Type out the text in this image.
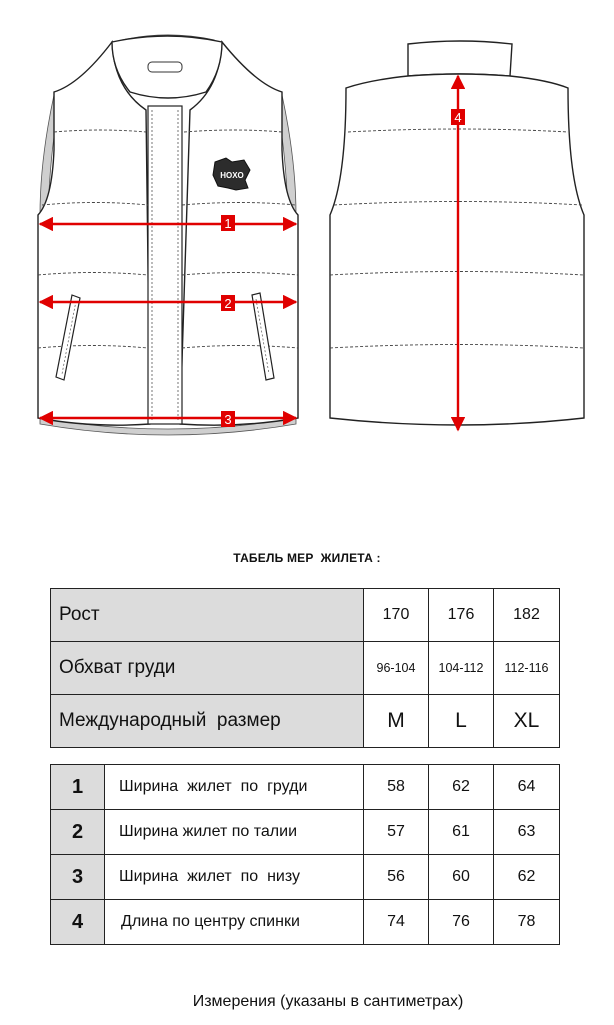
HOXO
1
2
3
4
ТАБЕЛЬ МЕР  ЖИЛЕТА :
Рост	170	176	182
Обхват груди	96-104	104-112	112-116
Международный  размер	M	L	XL
1	Ширина  жилет  по  груди	58	62	64
2	Ширина жилет по талии	57	61	63
3	Ширина  жилет  по  низу	56	60	62
4	Длина по центру спинки	74	76	78
Измерения (указаны в сантиметрах)
